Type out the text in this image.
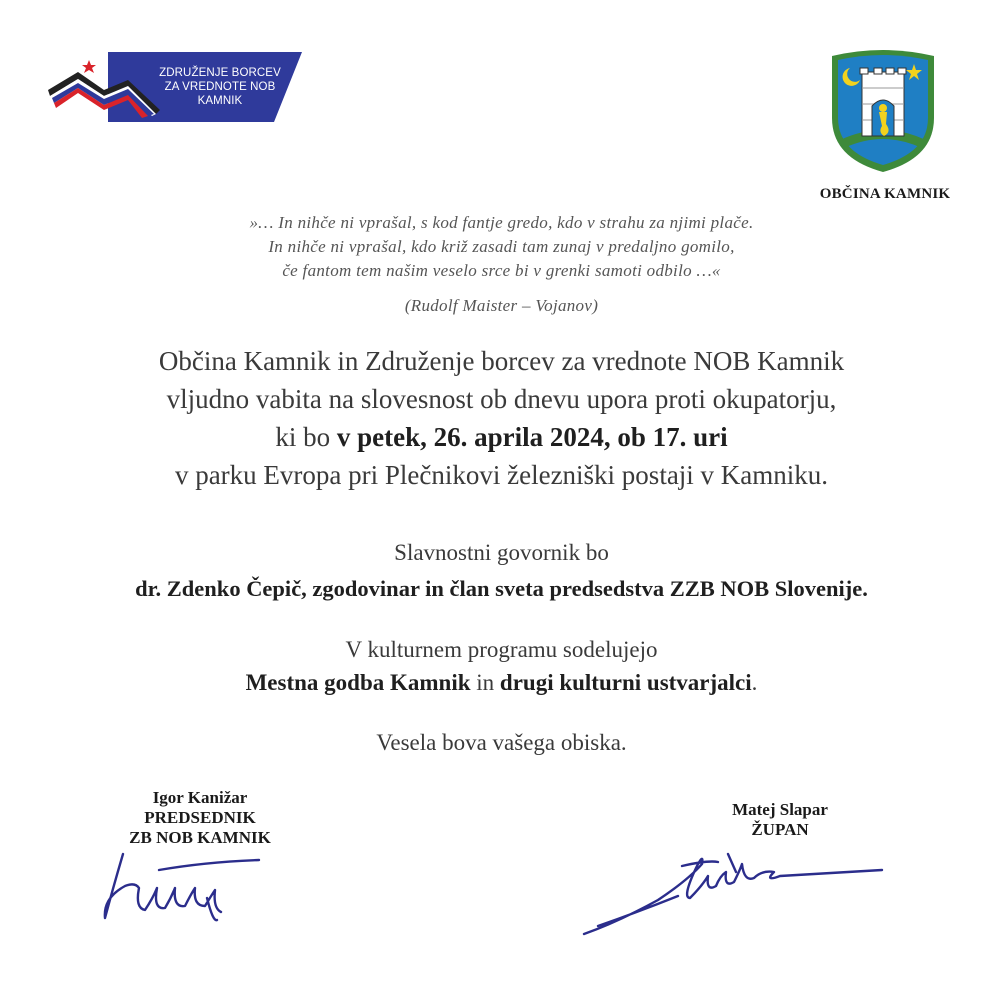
ZDRUŽENJE BORCEV
ZA VREDNOTE NOB
KAMNIK
OBČINA KAMNIK
»… In nihče ni vprašal, s kod fantje gredo, kdo v strahu za njimi plače.
In nihče ni vprašal, kdo križ zasadi tam zunaj v predaljno gomilo,
če fantom tem našim veselo srce bi v grenki samoti odbilo …«
(Rudolf Maister – Vojanov)
Občina Kamnik in Združenje borcev za vrednote NOB Kamnik
vljudno vabita na slovesnost ob dnevu upora proti okupatorju,
ki bo v petek, 26. aprila 2024, ob 17. uri
v parku Evropa pri Plečnikovi železniški postaji v Kamniku.
Slavnostni govornik bo
dr. Zdenko Čepič, zgodovinar in član sveta predsedstva ZZB NOB Slovenije.
V kulturnem programu sodelujejo
Mestna godba Kamnik in drugi kulturni ustvarjalci.
Vesela bova vašega obiska.
Igor Kanižar
PREDSEDNIK
ZB NOB KAMNIK
Matej Slapar
ŽUPAN
